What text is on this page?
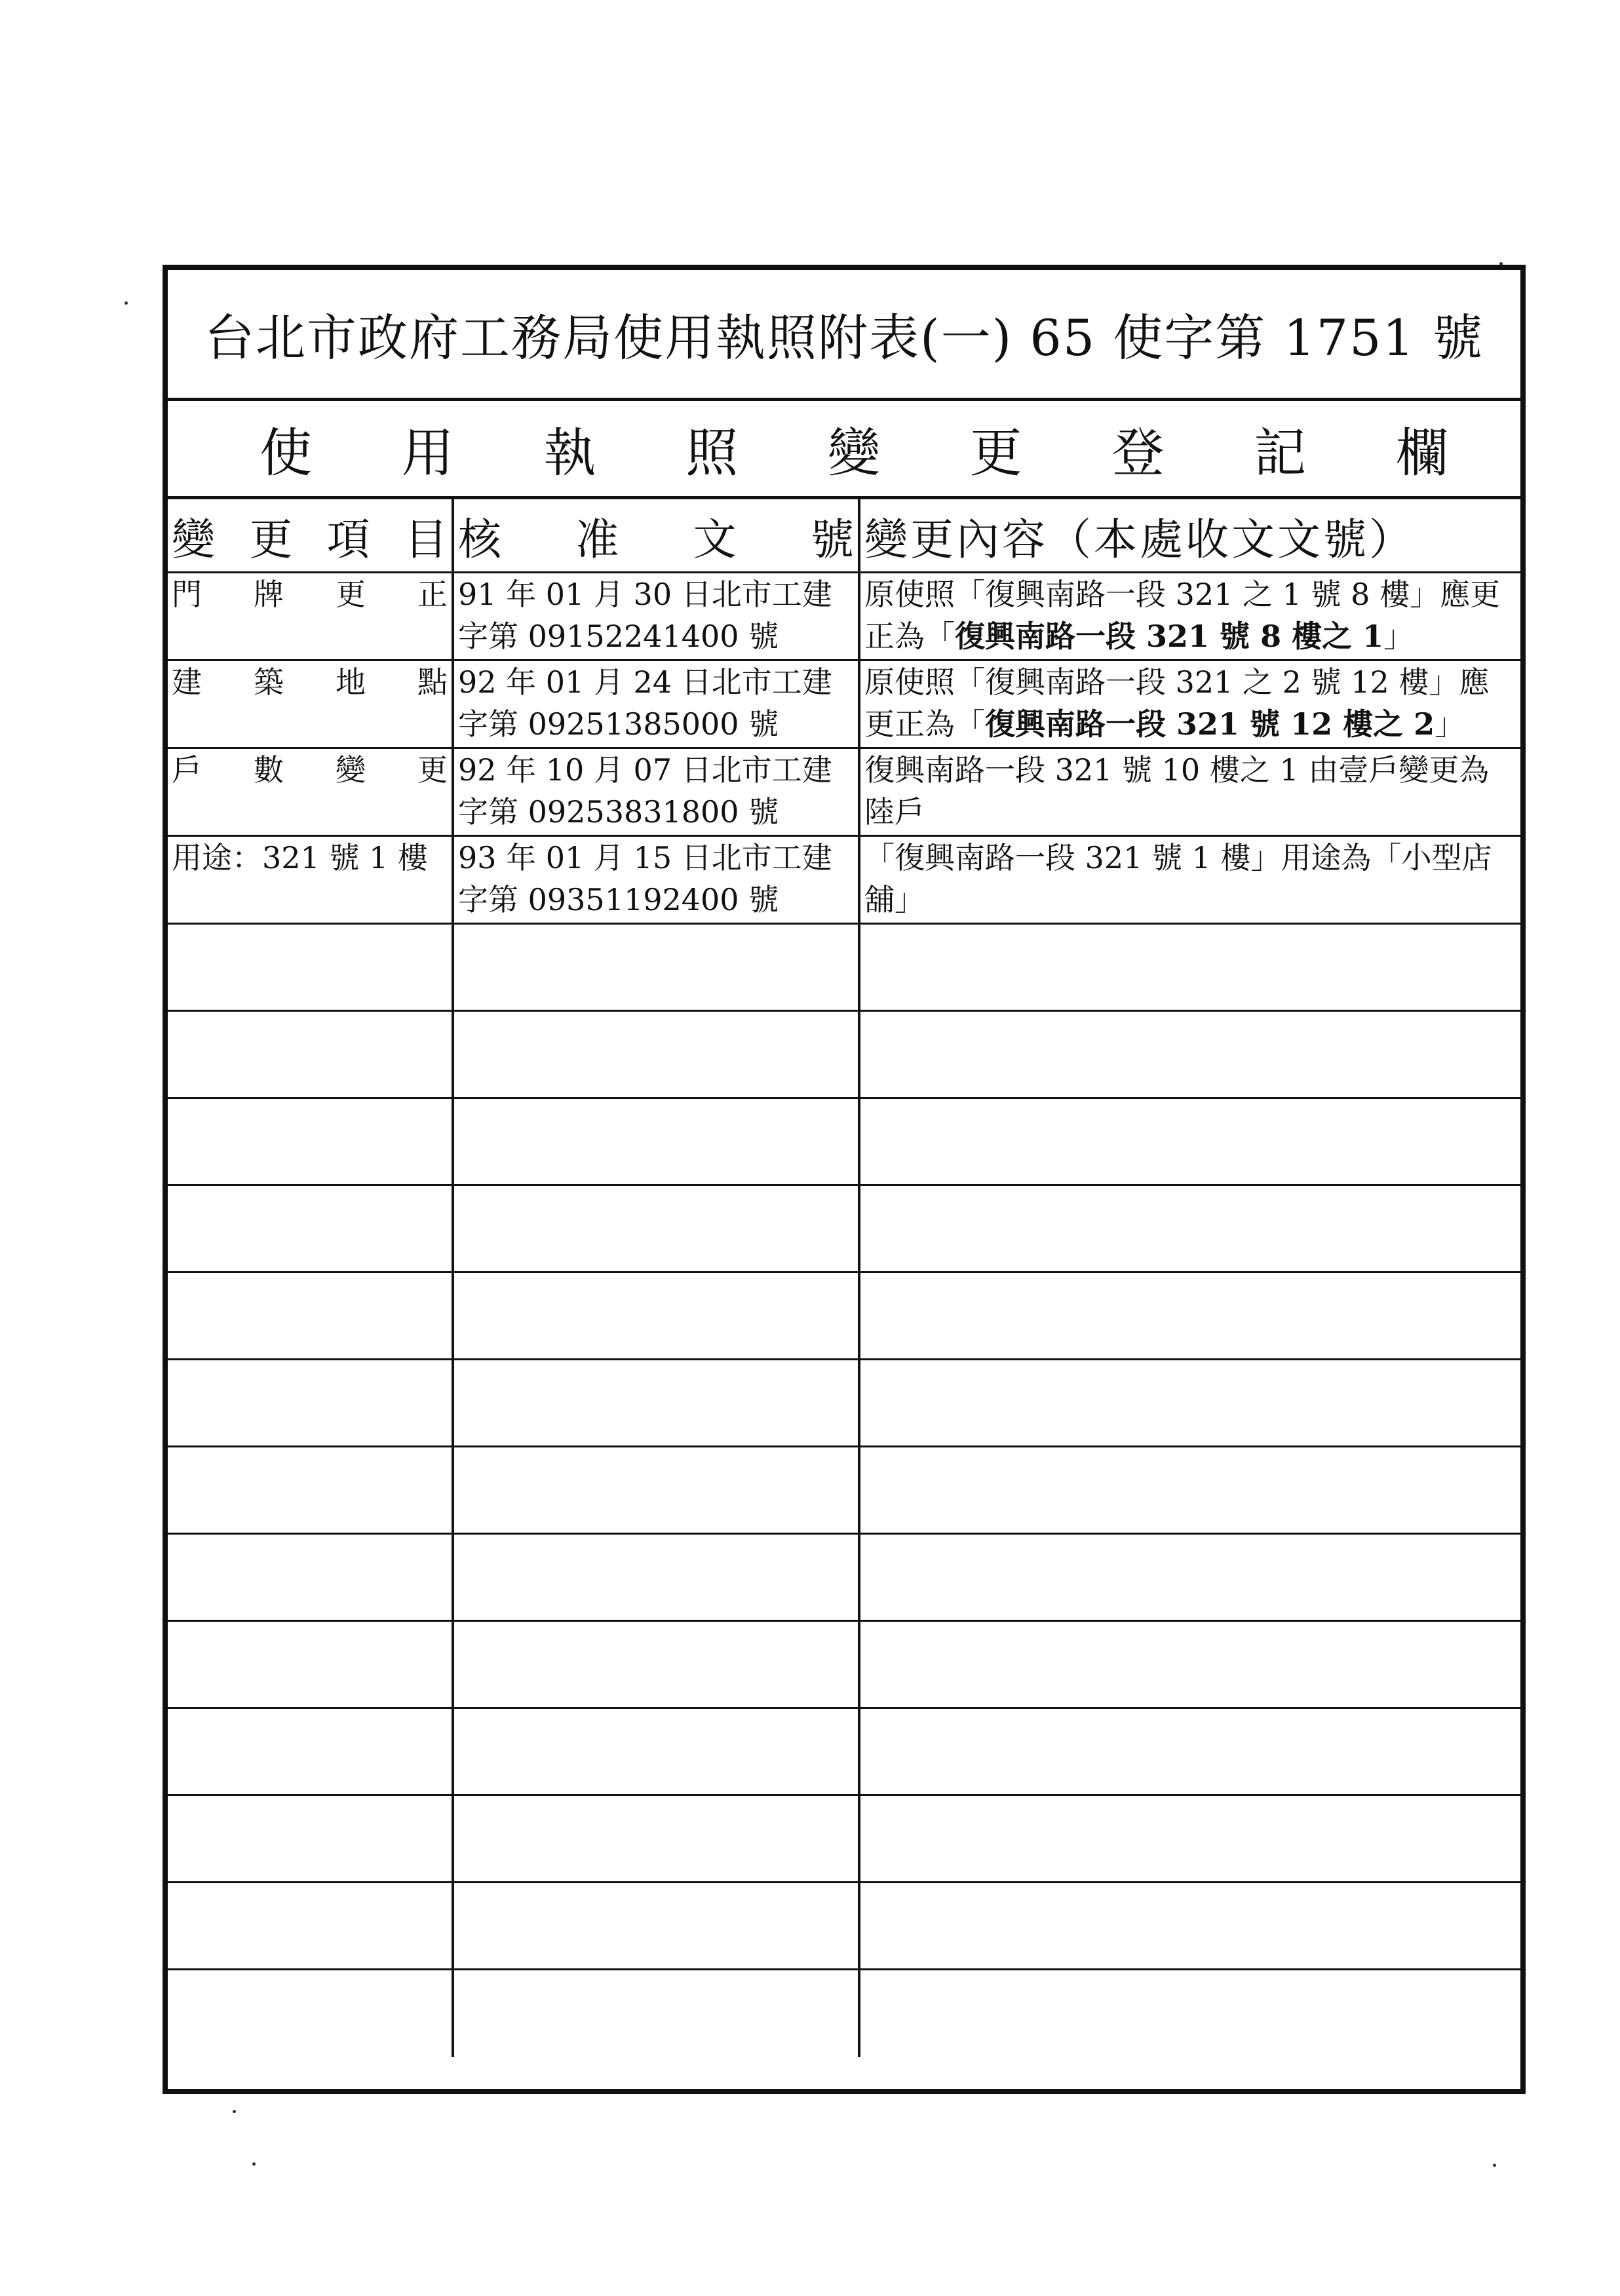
台北市政府工務局使用執照附表(一) 65 使字第 1751 號
使 用 執 照 變 更 登 記 欄
變 更 項 目	核 准 文 號	變更內容（本處收文文號）

門 牌 更 正	91 年 01 月 30 日北市工建字第 09152241400 號	原使照「復興南路一段 321 之 1 號 8 樓」應更正為「復興南路一段 321 號 8 樓之 1」

建 築 地 點	92 年 01 月 24 日北市工建字第 09251385000 號	原使照「復興南路一段 321 之 2 號 12 樓」應更正為「復興南路一段 321 號 12 樓之 2」

戶 數 變 更	92 年 10 月 07 日北市工建字第 09253831800 號	復興南路一段 321 號 10 樓之 1 由壹戶變更為陸戶
用途：321 號 1 樓	93 年 01 月 15 日北市工建字第 09351192400 號	「復興南路一段 321 號 1 樓」用途為「小型店舖」
